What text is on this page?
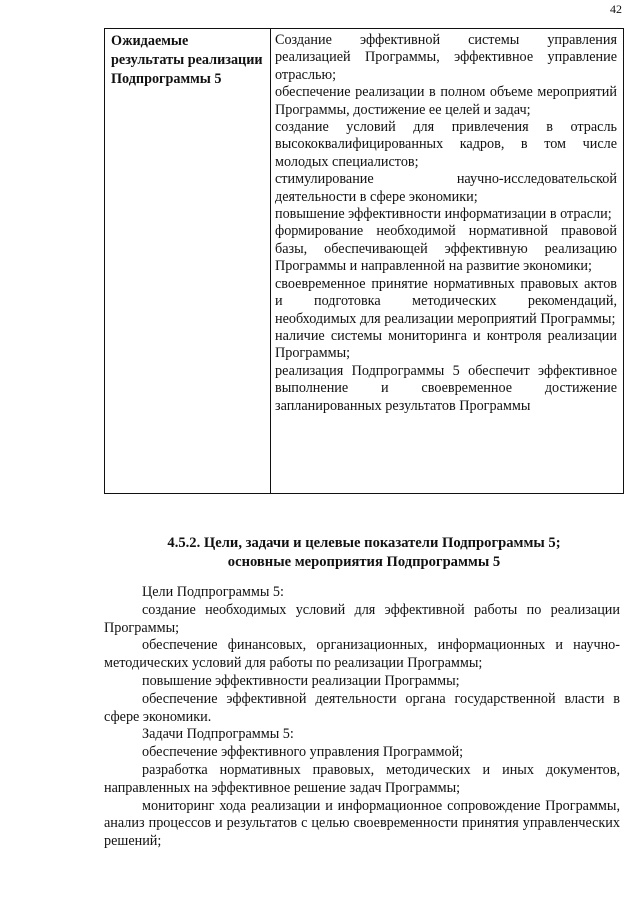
42
Ожидаемые результаты реализации Подпрограммы 5

Создание эффективной системы управления реализацией Программы, эффективное управление отраслью;

обеспечение реализации в полном объеме мероприятий Программы, достижение ее целей и задач;

создание условий для привлечения в отрасль высококвалифицированных кадров, в том числе молодых специалистов;

стимулирование научно-исследовательской деятельности в сфере экономики;

повышение эффективности информатизации в отрасли;

формирование необходимой нормативной правовой базы, обеспечивающей эффективную реализацию Программы и направленной на развитие экономики;

своевременное принятие нормативных правовых актов и подготовка методических рекомендаций, необходимых для реализации мероприятий Программы;

наличие системы мониторинга и контроля реализации Программы;

реализация Подпрограммы 5 обеспечит эффективное выполнение и своевременное достижение запланированных результатов Программы

4.5.2. Цели, задачи и целевые показатели Подпрограммы 5;
основные мероприятия Подпрограммы 5

Цели Подпрограммы 5:

создание необходимых условий для эффективной работы по реализации Программы;

обеспечение финансовых, организационных, информационных и научно-методических условий для работы по реализации Программы;

повышение эффективности реализации Программы;

обеспечение эффективной деятельности органа государственной власти в сфере экономики.

Задачи Подпрограммы 5:

обеспечение эффективного управления Программой;

разработка нормативных правовых, методических и иных документов, направленных на эффективное решение задач Программы;

мониторинг хода реализации и информационное сопровождение Программы, анализ процессов и результатов с целью своевременности принятия управленческих решений;
